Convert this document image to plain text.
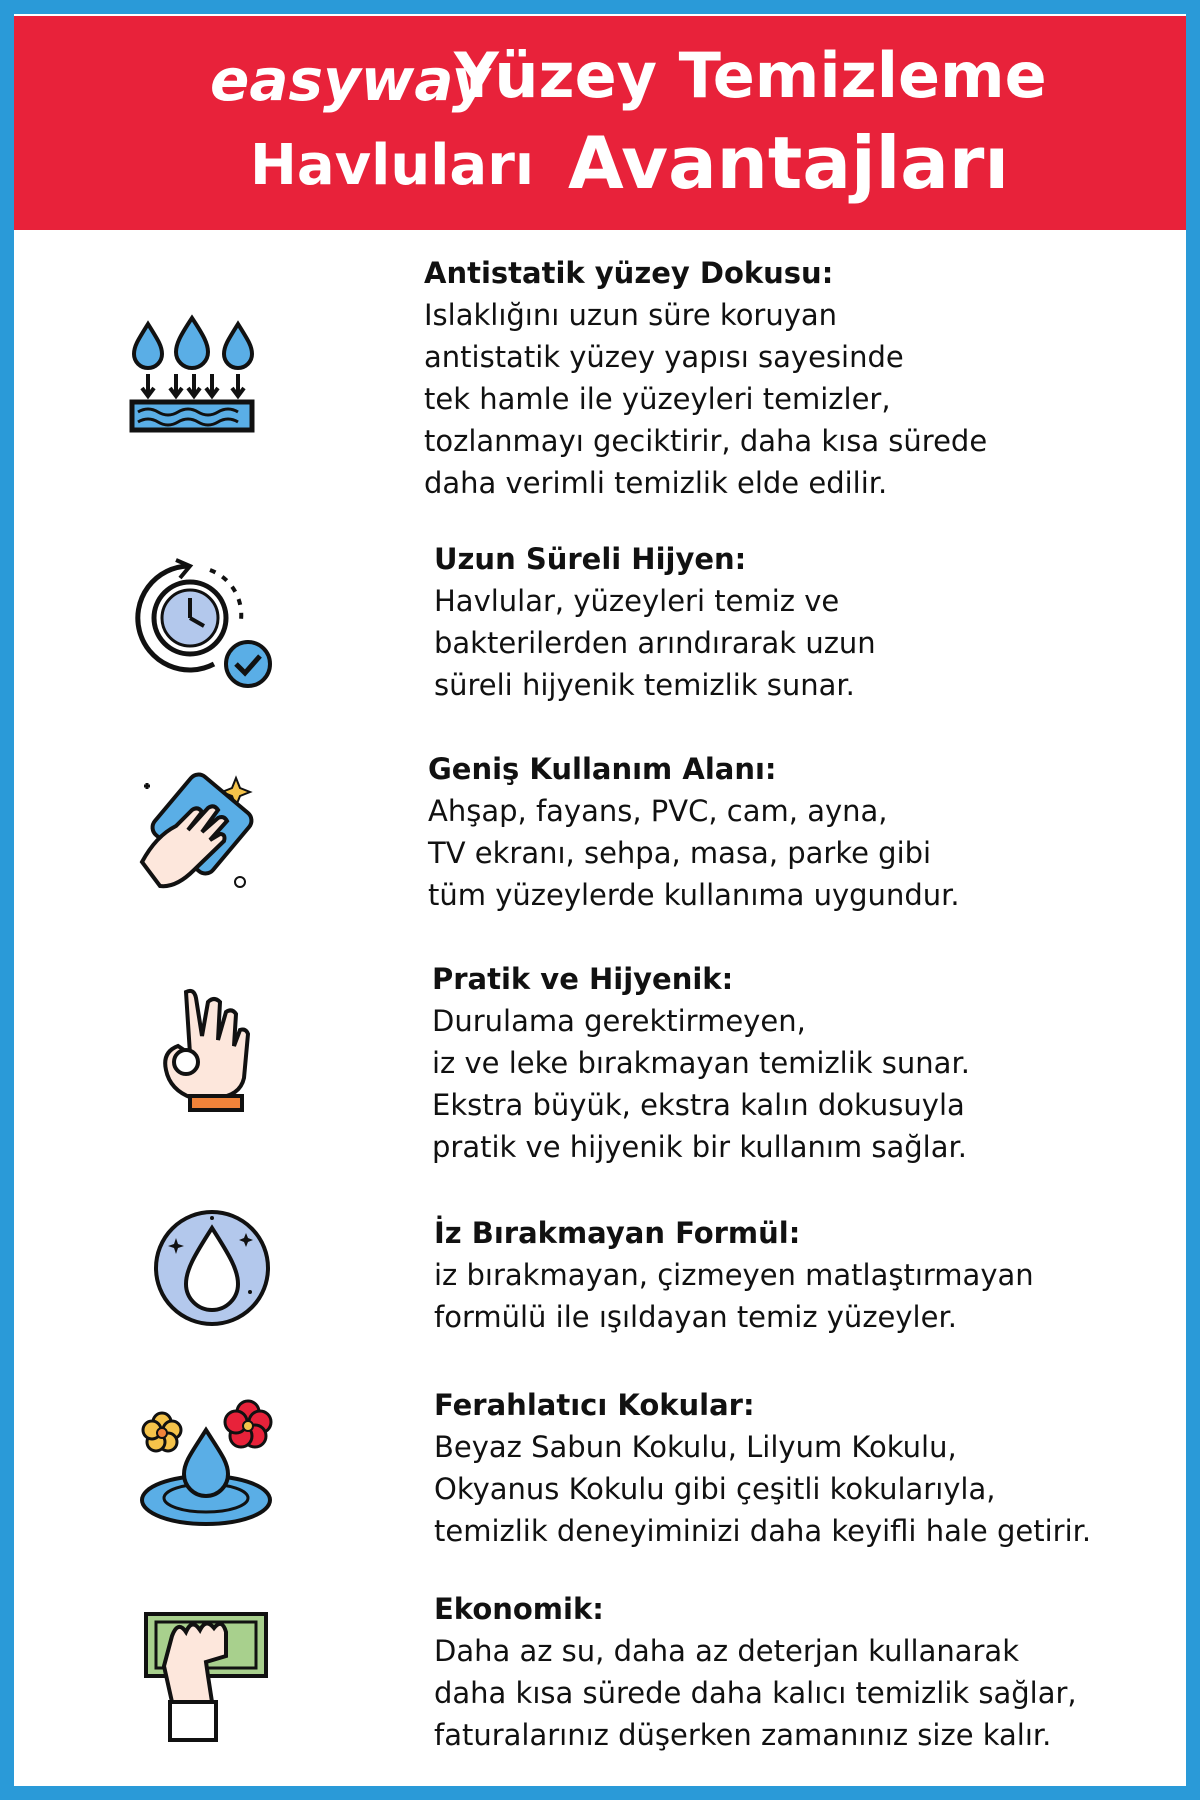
easyway
Yüzey Temizleme
Havluları Avantajları
Antistatik yüzey Dokusu:
Islaklığını uzun süre koruyan
antistatik yüzey yapısı sayesinde
tek hamle ile yüzeyleri temizler,
tozlanmayı geciktirir, daha kısa sürede
daha verimli temizlik elde edilir.
Uzun Süreli Hijyen:
Havlular, yüzeyleri temiz ve
bakterilerden arındırarak uzun
süreli hijyenik temizlik sunar.
Geniş Kullanım Alanı:
Ahşap, fayans, PVC, cam, ayna,
TV ekranı, sehpa, masa, parke gibi
tüm yüzeylerde kullanıma uygundur.
Pratik ve Hijyenik:
Durulama gerektirmeyen,
iz ve leke bırakmayan temizlik sunar.
Ekstra büyük, ekstra kalın dokusuyla
pratik ve hijyenik bir kullanım sağlar.
İz Bırakmayan Formül:
iz bırakmayan, çizmeyen matlaştırmayan
formülü ile ışıldayan temiz yüzeyler.
Ferahlatıcı Kokular:
Beyaz Sabun Kokulu, Lilyum Kokulu,
Okyanus Kokulu gibi çeşitli kokularıyla,
temizlik deneyiminizi daha keyifli hale getirir.
Ekonomik:
Daha az su, daha az deterjan kullanarak
daha kısa sürede daha kalıcı temizlik sağlar,
faturalarınız düşerken zamanınız size kalır.
